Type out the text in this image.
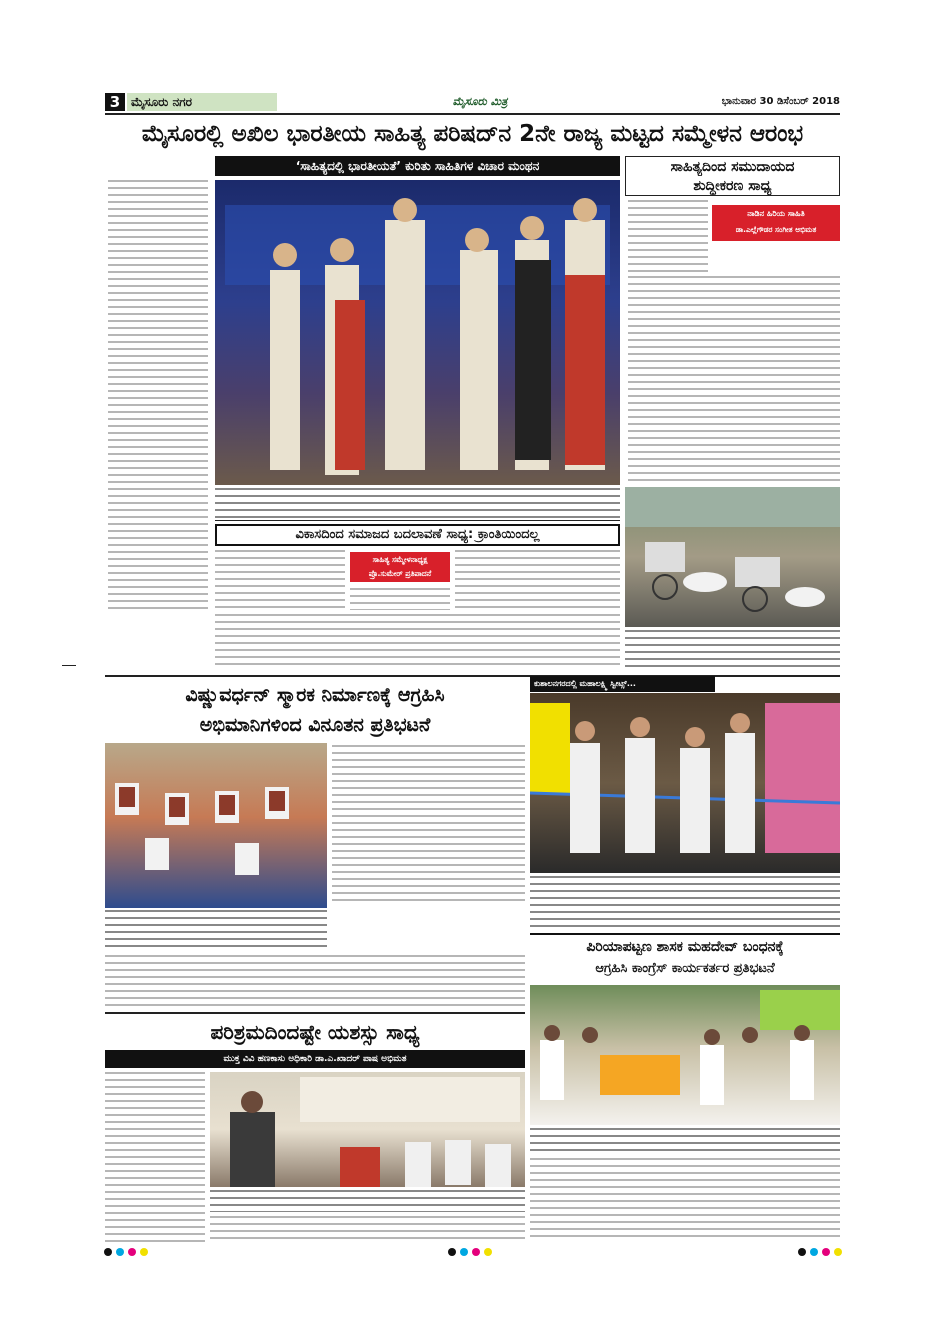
3 ಮೈಸೂರು ನಗರ	ಮೈಸೂರು ಮಿತ್ರ	ಭಾನುವಾರ 30 ಡಿಸೆಂಬರ್ 2018
ಮೈಸೂರಲ್ಲಿ ಅಖಿಲ ಭಾರತೀಯ ಸಾಹಿತ್ಯ ಪರಿಷದ್‌ನ 2ನೇ ರಾಜ್ಯ ಮಟ್ಟದ ಸಮ್ಮೇಳನ ಆರಂಭ
‘ಸಾಹಿತ್ಯದಲ್ಲಿ ಭಾರತೀಯತೆ’ ಕುರಿತು ಸಾಹಿತಿಗಳ ವಿಚಾರ ಮಂಥನ	ಸಾಹಿತ್ಯದಿಂದ ಸಮುದಾಯದ
ಶುದ್ಧೀಕರಣ ಸಾಧ್ಯ
ನಾಡಿನ ಹಿರಿಯ ಸಾಹಿತಿ
ಡಾ.ಎಲ್ಲೆಗೌಡರ ಸಂಗೀತ ಅಭಿಮತ
ವಿಕಾಸದಿಂದ ಸಮಾಜದ ಬದಲಾವಣೆ ಸಾಧ್ಯ: ಕ್ರಾಂತಿಯಿಂದಲ್ಲ
ಸಾಹಿತ್ಯ ಸಮ್ಮೇಳನಾಧ್ಯಕ್ಷ
ಪ್ರೊ.ಸುಮೇರ್ ಪ್ರತಿಪಾದನೆ
ವಿಷ್ಣುವರ್ಧನ್ ಸ್ಮಾರಕ ನಿರ್ಮಾಣಕ್ಕೆ ಆಗ್ರಹಿಸಿ
ಅಭಿಮಾನಿಗಳಿಂದ ವಿನೂತನ ಪ್ರತಿಭಟನೆ
ಕುಶಾಲನಗರದಲ್ಲಿ ಮಹಾಲಕ್ಷ್ಮಿ ಸ್ವೀಟ್ಸ್...
ಪಿರಿಯಾಪಟ್ಟಣ ಶಾಸಕ ಮಹದೇವ್ ಬಂಧನಕ್ಕೆ
ಆಗ್ರಹಿಸಿ ಕಾಂಗ್ರೆಸ್ ಕಾರ್ಯಕರ್ತರ ಪ್ರತಿಭಟನೆ
ಪರಿಶ್ರಮದಿಂದಷ್ಟೇ ಯಶಸ್ಸು ಸಾಧ್ಯ
ಮುಕ್ತ ವಿವಿ ಹಣಕಾಸು ಅಧಿಕಾರಿ ಡಾ.ಎ.ಖಾದರ್ ಪಾಷ ಅಭಿಮತ
